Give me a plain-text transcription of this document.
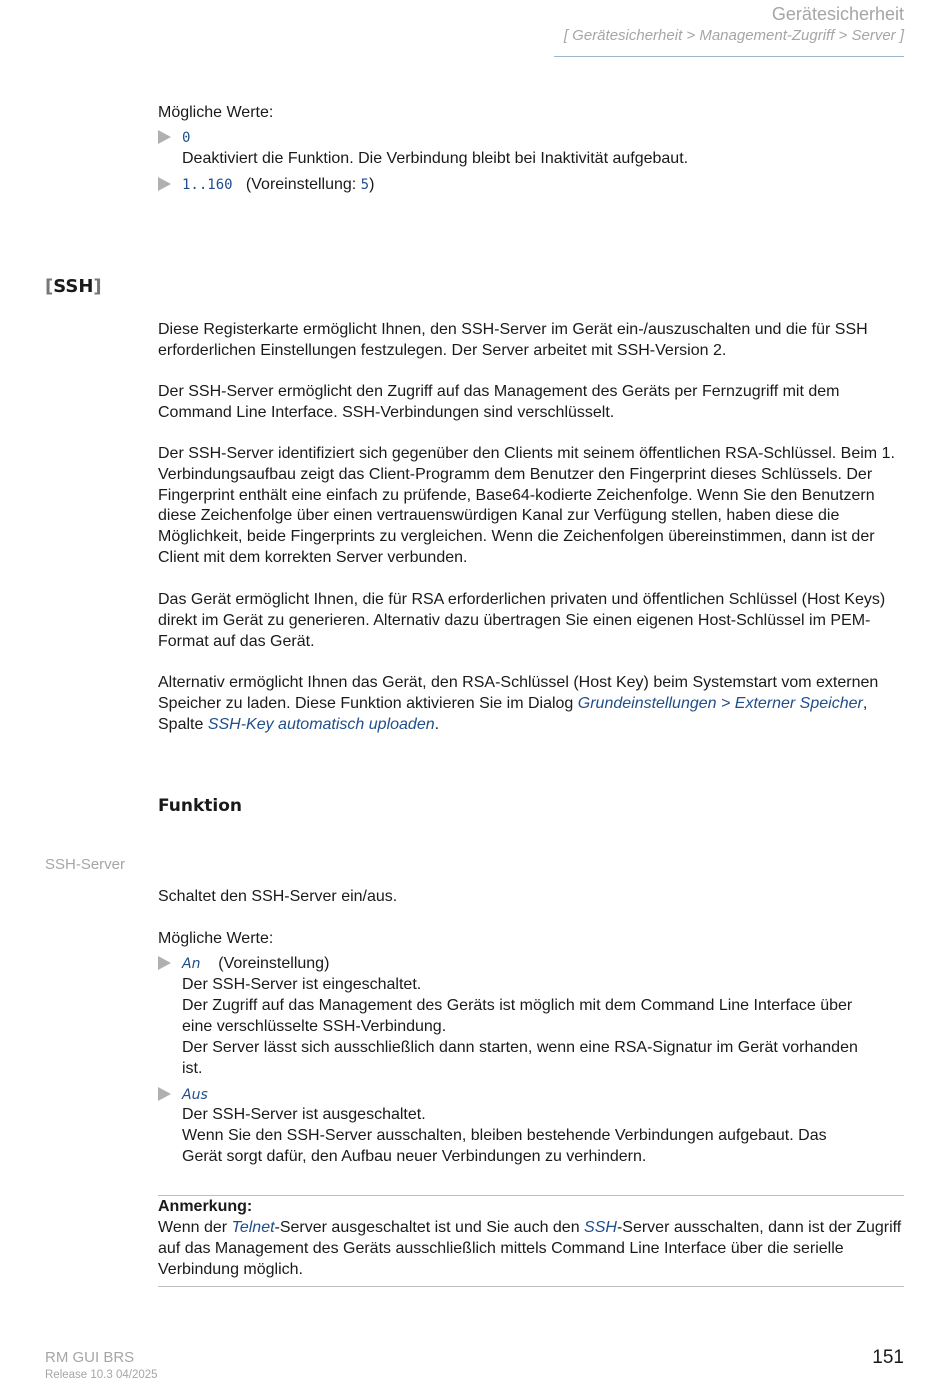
Gerätesicherheit
[ Gerätesicherheit > Management-Zugriff > Server ]
Mögliche Werte:
0
Deaktiviert die Funktion. Die Verbindung bleibt bei Inaktivität aufgebaut.
1..160 (Voreinstellung: 5)
[SSH]
Diese Registerkarte ermöglicht Ihnen, den SSH-Server im Gerät ein-/auszuschalten und die für SSH erforderlichen Einstellungen festzulegen. Der Server arbeitet mit SSH-Version 2.
Der SSH-Server ermöglicht den Zugriff auf das Management des Geräts per Fernzugriff mit dem Command Line Interface. SSH-Verbindungen sind verschlüsselt.
Der SSH-Server identifiziert sich gegenüber den Clients mit seinem öffentlichen RSA-Schlüssel. Beim 1. Verbindungsaufbau zeigt das Client-Programm dem Benutzer den Fingerprint dieses Schlüssels. Der Fingerprint enthält eine einfach zu prüfende, Base64-kodierte Zeichenfolge. Wenn Sie den Benutzern diese Zeichenfolge über einen vertrauenswürdigen Kanal zur Verfügung stellen, haben diese die Möglichkeit, beide Fingerprints zu vergleichen. Wenn die Zeichenfolgen übereinstimmen, dann ist der Client mit dem korrekten Server verbunden.
Das Gerät ermöglicht Ihnen, die für RSA erforderlichen privaten und öffentlichen Schlüssel (Host Keys) direkt im Gerät zu generieren. Alternativ dazu übertragen Sie einen eigenen Host-Schlüssel im PEM-Format auf das Gerät.
Alternativ ermöglicht Ihnen das Gerät, den RSA-Schlüssel (Host Key) beim Systemstart vom externen Speicher zu laden. Diese Funktion aktivieren Sie im Dialog Grundeinstellungen > Externer Speicher, Spalte SSH-Key automatisch uploaden.
Funktion
SSH-Server
Schaltet den SSH-Server ein/aus.
Mögliche Werte:
An (Voreinstellung)
Der SSH-Server ist eingeschaltet.
Der Zugriff auf das Management des Geräts ist möglich mit dem Command Line Interface über
eine verschlüsselte SSH-Verbindung.
Der Server lässt sich ausschließlich dann starten, wenn eine RSA-Signatur im Gerät vorhanden
ist.
Aus
Der SSH-Server ist ausgeschaltet.
Wenn Sie den SSH-Server ausschalten, bleiben bestehende Verbindungen aufgebaut. Das
Gerät sorgt dafür, den Aufbau neuer Verbindungen zu verhindern.
Anmerkung:
Wenn der Telnet-Server ausgeschaltet ist und Sie auch den SSH-Server ausschalten, dann ist der Zugriff auf das Management des Geräts ausschließlich mittels Command Line Interface über die serielle Verbindung möglich.
RM GUI BRS
Release 10.3 04/2025
151
